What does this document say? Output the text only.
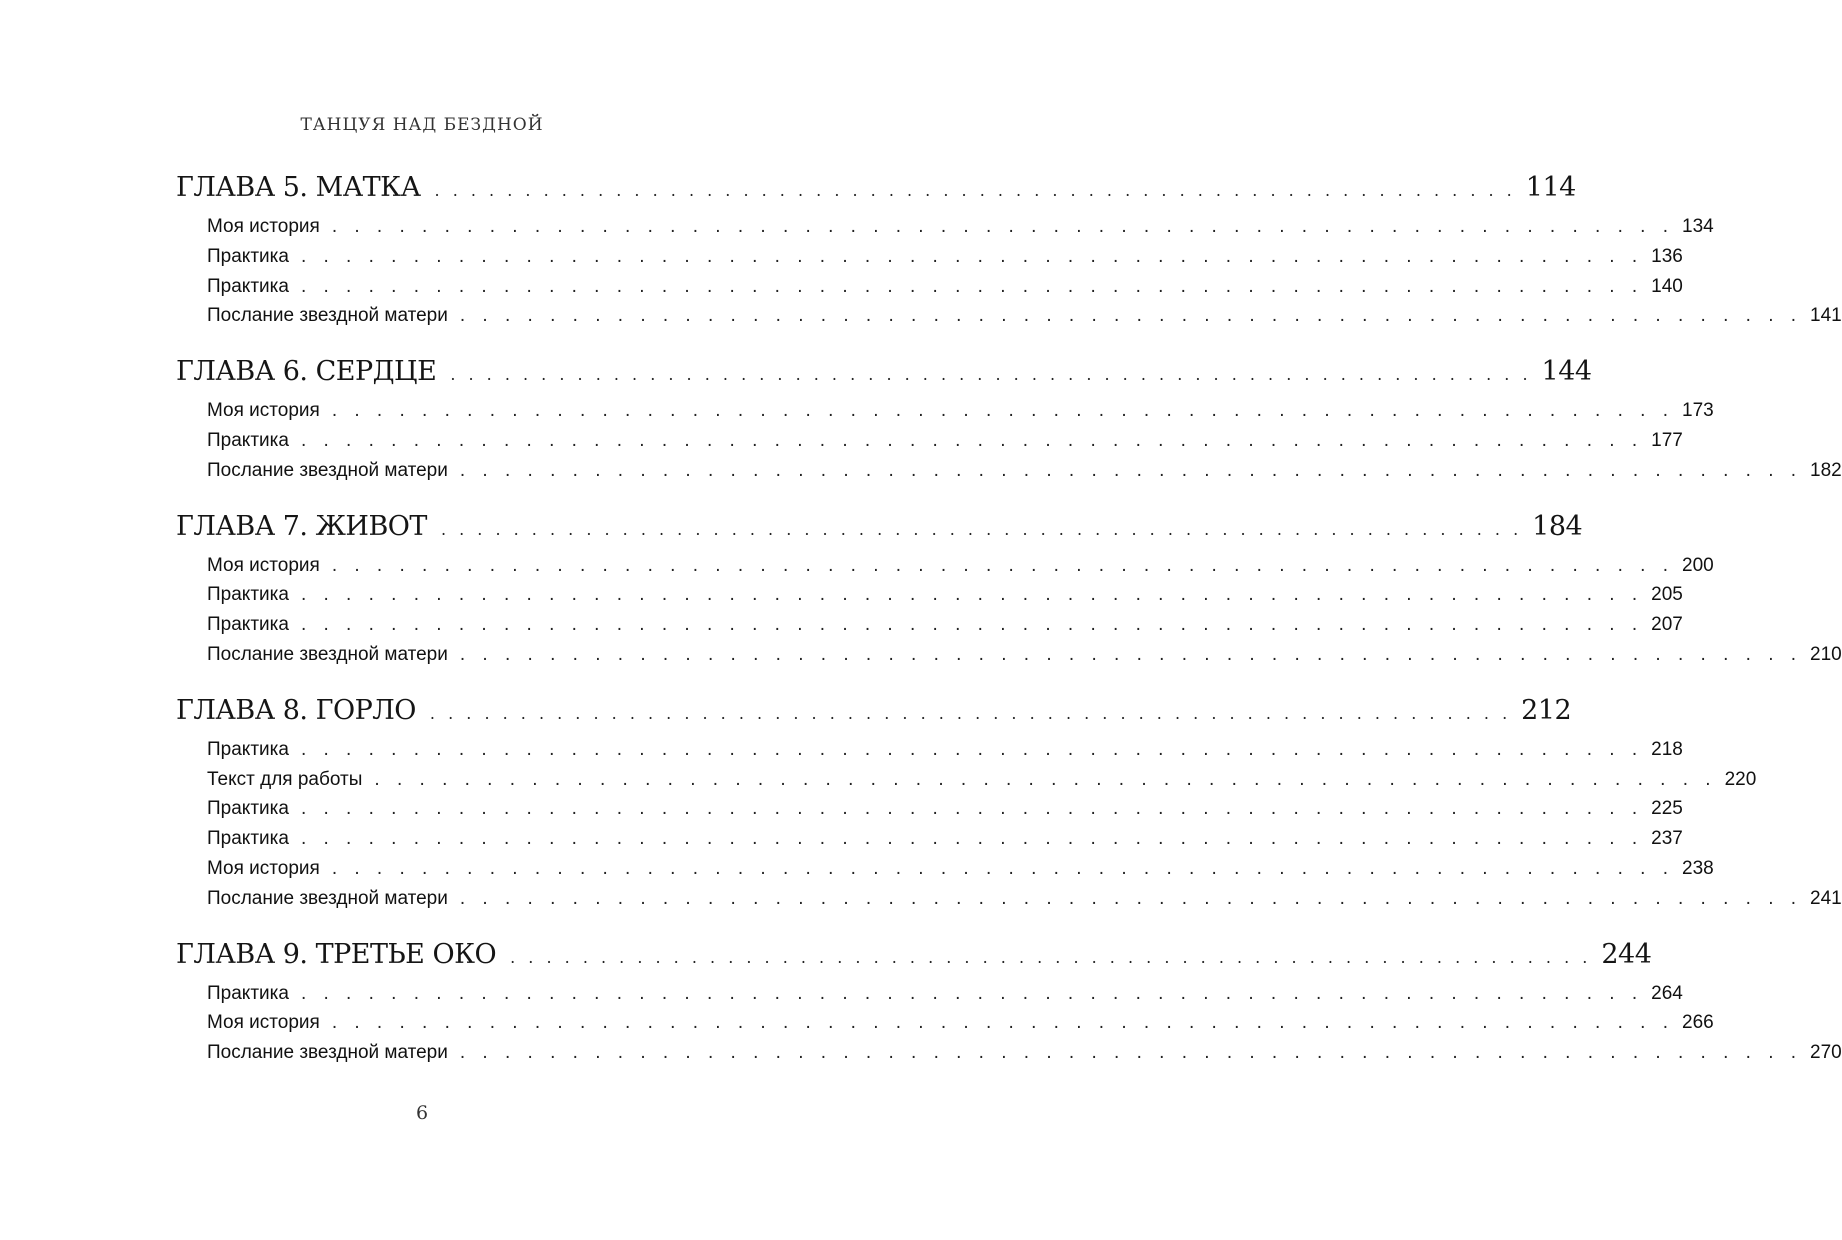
ТАНЦУЯ НАД БЕЗДНОЙ
ГЛАВА 5. МАТКА . . . . . . . . . . . . . . . . . . . . . . . . . . . . . . . . . . . . . . . . . . . . . . . . . . . . . . . . . . . . 114
Моя история . . . . . . . . . . . . . . . . . . . . . . . . . . . . . . . . . . . . . . . . . . . . . . . . . . . . . . . . . . . . 134
Практика . . . . . . . . . . . . . . . . . . . . . . . . . . . . . . . . . . . . . . . . . . . . . . . . . . . . . . . . . . . . 136
Практика . . . . . . . . . . . . . . . . . . . . . . . . . . . . . . . . . . . . . . . . . . . . . . . . . . . . . . . . . . . . 140
Послание звездной матери . . . . . . . . . . . . . . . . . . . . . . . . . . . . . . . . . . . . . . . . . . . . . . . . . . . . . . . . . . . . 141
ГЛАВА 6. СЕРДЦЕ . . . . . . . . . . . . . . . . . . . . . . . . . . . . . . . . . . . . . . . . . . . . . . . . . . . . . . . . . . . . 144
Моя история . . . . . . . . . . . . . . . . . . . . . . . . . . . . . . . . . . . . . . . . . . . . . . . . . . . . . . . . . . . . 173
Практика . . . . . . . . . . . . . . . . . . . . . . . . . . . . . . . . . . . . . . . . . . . . . . . . . . . . . . . . . . . . 177
Послание звездной матери . . . . . . . . . . . . . . . . . . . . . . . . . . . . . . . . . . . . . . . . . . . . . . . . . . . . . . . . . . . . 182
ГЛАВА 7. ЖИВОТ . . . . . . . . . . . . . . . . . . . . . . . . . . . . . . . . . . . . . . . . . . . . . . . . . . . . . . . . . . . . 184
Моя история . . . . . . . . . . . . . . . . . . . . . . . . . . . . . . . . . . . . . . . . . . . . . . . . . . . . . . . . . . . . 200
Практика . . . . . . . . . . . . . . . . . . . . . . . . . . . . . . . . . . . . . . . . . . . . . . . . . . . . . . . . . . . . 205
Практика . . . . . . . . . . . . . . . . . . . . . . . . . . . . . . . . . . . . . . . . . . . . . . . . . . . . . . . . . . . . 207
Послание звездной матери . . . . . . . . . . . . . . . . . . . . . . . . . . . . . . . . . . . . . . . . . . . . . . . . . . . . . . . . . . . . 210
ГЛАВА 8. ГОРЛО . . . . . . . . . . . . . . . . . . . . . . . . . . . . . . . . . . . . . . . . . . . . . . . . . . . . . . . . . . . . 212
Практика . . . . . . . . . . . . . . . . . . . . . . . . . . . . . . . . . . . . . . . . . . . . . . . . . . . . . . . . . . . . 218
Текст для работы . . . . . . . . . . . . . . . . . . . . . . . . . . . . . . . . . . . . . . . . . . . . . . . . . . . . . . . . . . . . 220
Практика . . . . . . . . . . . . . . . . . . . . . . . . . . . . . . . . . . . . . . . . . . . . . . . . . . . . . . . . . . . . 225
Практика . . . . . . . . . . . . . . . . . . . . . . . . . . . . . . . . . . . . . . . . . . . . . . . . . . . . . . . . . . . . 237
Моя история . . . . . . . . . . . . . . . . . . . . . . . . . . . . . . . . . . . . . . . . . . . . . . . . . . . . . . . . . . . . 238
Послание звездной матери . . . . . . . . . . . . . . . . . . . . . . . . . . . . . . . . . . . . . . . . . . . . . . . . . . . . . . . . . . . . 241
ГЛАВА 9. ТРЕТЬЕ ОКО . . . . . . . . . . . . . . . . . . . . . . . . . . . . . . . . . . . . . . . . . . . . . . . . . . . . . . . . . . . . 244
Практика . . . . . . . . . . . . . . . . . . . . . . . . . . . . . . . . . . . . . . . . . . . . . . . . . . . . . . . . . . . . 264
Моя история . . . . . . . . . . . . . . . . . . . . . . . . . . . . . . . . . . . . . . . . . . . . . . . . . . . . . . . . . . . . 266
Послание звездной матери . . . . . . . . . . . . . . . . . . . . . . . . . . . . . . . . . . . . . . . . . . . . . . . . . . . . . . . . . . . . 270
6
